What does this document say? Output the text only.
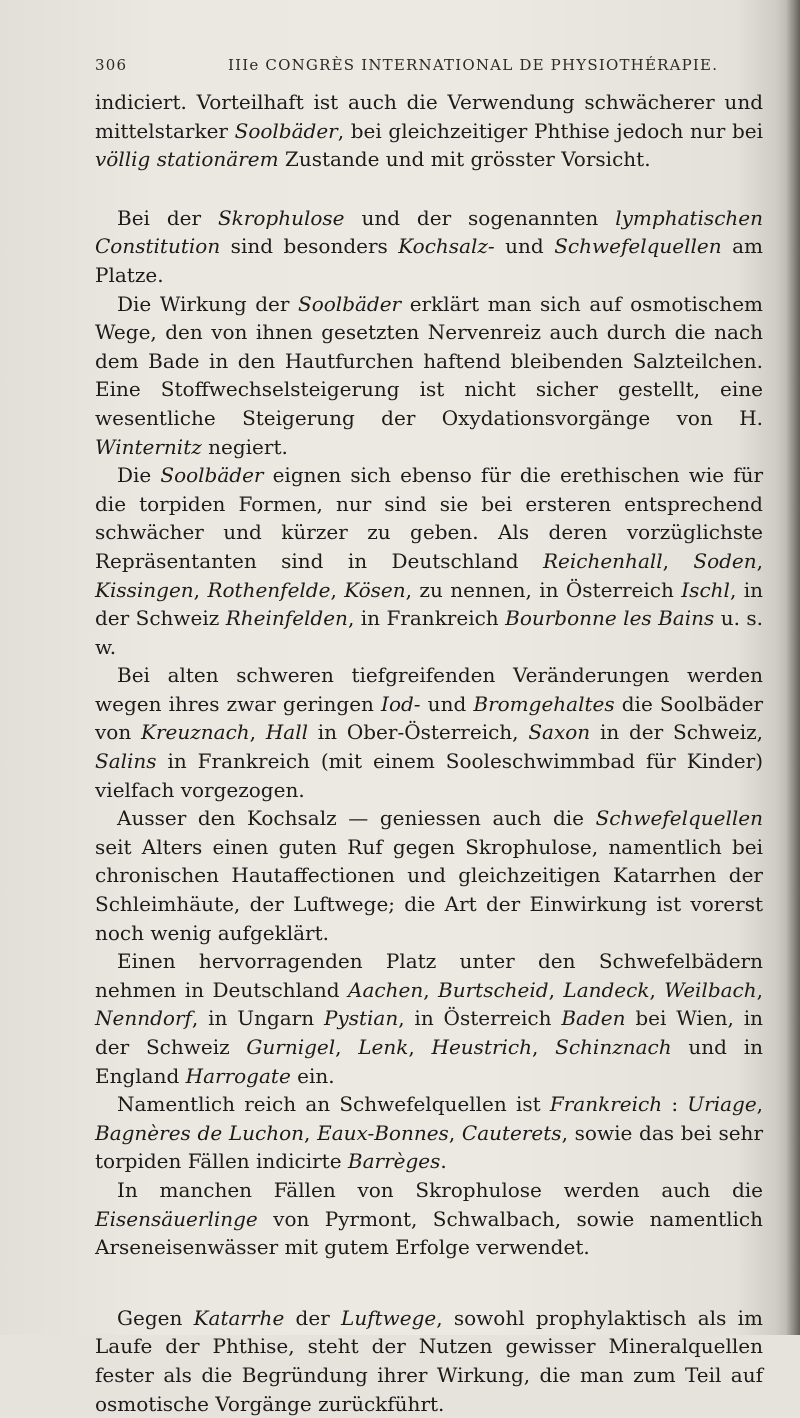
306	IIIe CONGRÈS INTERNATIONAL DE PHYSIOTHÉRAPIE.

indiciert. Vorteilhaft ist auch die Verwendung schwächerer und mittelstarker Soolbäder, bei gleichzeitiger Phthise jedoch nur bei völlig stationärem Zustande und mit grösster Vorsicht.

Bei der Skrophulose und der sogenannten lymphatischen Constitution sind besonders Kochsalz- und Schwefelquellen am Platze.

Die Wirkung der Soolbäder erklärt man sich auf osmotischem Wege, den von ihnen gesetzten Nervenreiz auch durch die nach dem Bade in den Hautfurchen haftend bleibenden Salzteilchen. Eine Stoffwechselsteigerung ist nicht sicher gestellt, eine wesentliche Steigerung der Oxydationsvorgänge von H. Winternitz negiert.

Die Soolbäder eignen sich ebenso für die erethischen wie für die torpiden Formen, nur sind sie bei ersteren entsprechend schwächer und kürzer zu geben. Als deren vorzüglichste Repräsentanten sind in Deutschland Reichenhall, Soden, Kissingen, Rothenfelde, Kösen, zu nennen, in Österreich Ischl, in der Schweiz Rheinfelden, in Frankreich Bourbonne les Bains u. s. w.

Bei alten schweren tiefgreifenden Veränderungen werden wegen ihres zwar geringen Iod- und Bromgehaltes die Soolbäder von Kreuznach, Hall in Ober-Österreich, Saxon in der Schweiz, Salins in Frankreich (mit einem Sooleschwimmbad für Kinder) vielfach vorgezogen.

Ausser den Kochsalz — geniessen auch die Schwefelquellen seit Alters einen guten Ruf gegen Skrophulose, namentlich bei chronischen Hautaffectionen und gleichzeitigen Katarrhen der Schleimhäute, der Luftwege; die Art der Einwirkung ist vorerst noch wenig aufgeklärt.

Einen hervorragenden Platz unter den Schwefelbädern nehmen in Deutschland Aachen, Burtscheid, Landeck, Weilbach, Nenndorf, in Ungarn Pystian, in Österreich Baden bei Wien, in der Schweiz Gurnigel, Lenk, Heustrich, Schinznach und in England Harrogate ein.

Namentlich reich an Schwefelquellen ist Frankreich : Uriage, Bagnères de Luchon, Eaux-Bonnes, Cauterets, sowie das bei sehr torpiden Fällen indicirte Barrèges.

In manchen Fällen von Skrophulose werden auch die Eisensäuerlinge von Pyrmont, Schwalbach, sowie namentlich Arseneisenwässer mit gutem Erfolge verwendet.

Gegen Katarrhe der Luftwege, sowohl prophylaktisch als im Laufe der Phthise, steht der Nutzen gewisser Mineralquellen fester als die Begründung ihrer Wirkung, die man zum Teil auf osmotische Vorgänge zurückführt.
